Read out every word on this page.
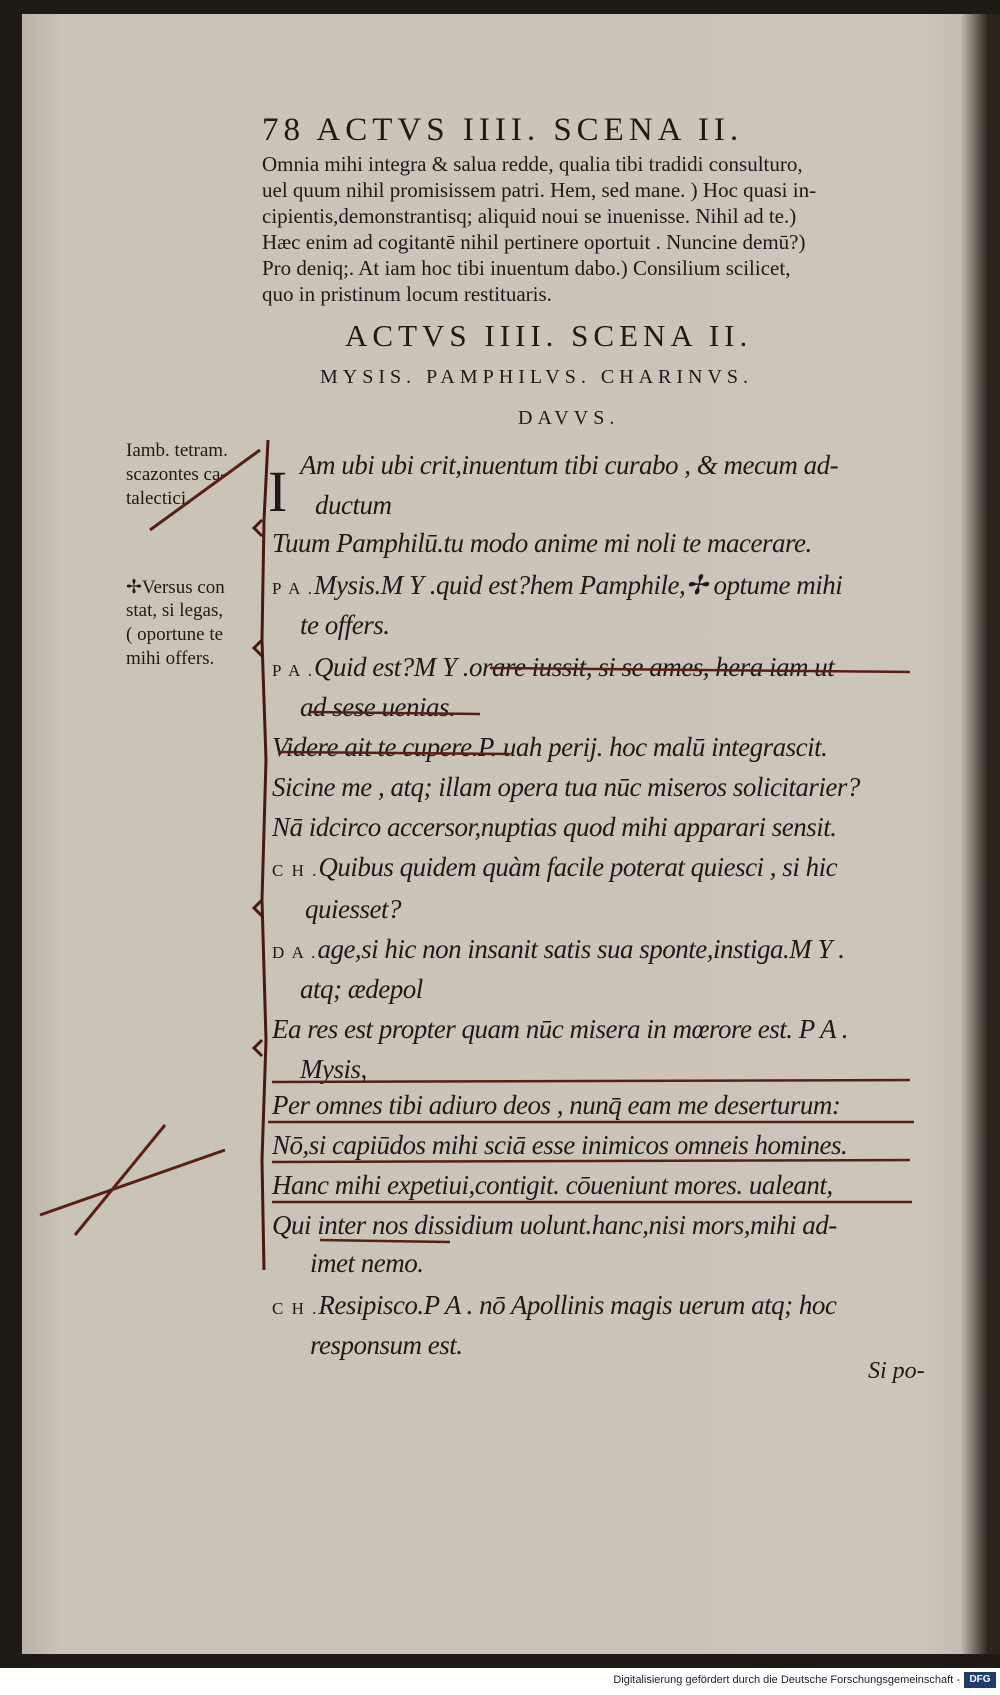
78 ACTVS IIII. SCENA II.
Omnia mihi integra & salua redde, qualia tibi tradidi consulturo,
uel quum nihil promisissem patri. Hem, sed mane. ) Hoc quasi in-
cipientis,demonstrantisq; aliquid noui se inuenisse. Nihil ad te.)
Hæc enim ad cogitantē nihil pertinere oportuit . Nuncine demū?)
Pro deniq;. At iam hoc tibi inuentum dabo.) Consilium scilicet,
quo in pristinum locum restituaris.
ACTVS IIII. SCENA II.
MYSIS. PAMPHILVS. CHARINVS.
DAVVS.
Iamb. tetram.
scazontes ca-
talectici.
✢Versus con
stat, si legas,
( oportune te
mihi offers.
I Am ubi ubi crit,inuentum tibi curabo , & mecum ad-
ductum
Tuum Pamphilū.tu modo anime mi noli te macerare.
P A .Mysis.M Y .quid est?hem Pamphile,✢ optume mihi
te offers.
P A .Quid est?M Y .orare iussit, si se ames, hera iam ut
ad sese uenias.
Videre ait te cupere.P. uah perij. hoc malū integrascit.
Sicine me , atq; illam opera tua nūc miseros solicitarier?
Nā idcirco accersor,nuptias quod mihi apparari sensit.
C H .Quibus quidem quàm facile poterat quiesci , si hic
quiesset?
D A .age,si hic non insanit satis sua sponte,instiga.M Y .
atq; ædepol
Ea res est propter quam nūc misera in mœrore est. P A .
Mysis,
Per omnes tibi adiuro deos , nunq̄ eam me deserturum:
Nō,si capiūdos mihi sciā esse inimicos omneis homines.
Hanc mihi expetiui,contigit. cōueniunt mores. ualeant,
Qui inter nos dissidium uolunt.hanc,nisi mors,mihi ad-
imet nemo.
C H .Resipisco.P A . nō Apollinis magis uerum atq; hoc
responsum est.
Si po-
Digitalisierung gefördert durch die Deutsche Forschungsgemeinschaft - DFG
